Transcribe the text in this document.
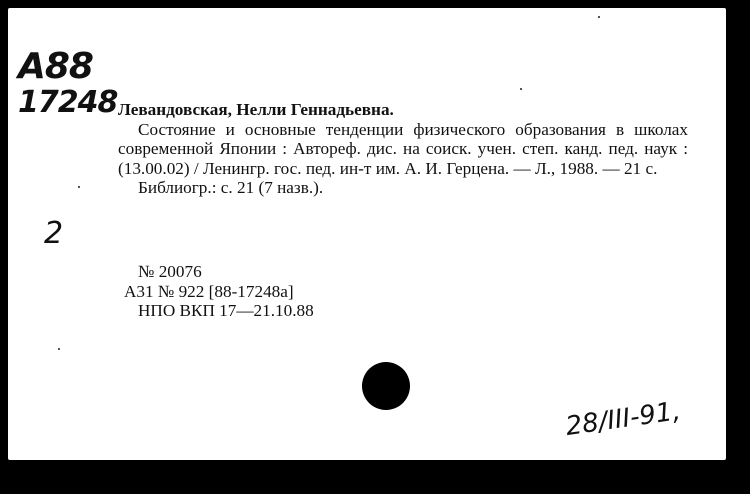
A88
17248 Левандовская, Нелли Геннадьевна.
Состояние и основные тенденции физического образования в школах современной Японии : Автореф. дис. на соиск. учен. степ. канд. пед. наук : (13.00.02) / Ленингр. гос. пед. ин-т им. А. И. Герцена. — Л., 1988. — 21 с.
Библиогр.: с. 21 (7 назв.).
2
№ 20076
А31 № 922 [88-17248a]
НПО ВКП 17—21.10.88
28/III-91,
